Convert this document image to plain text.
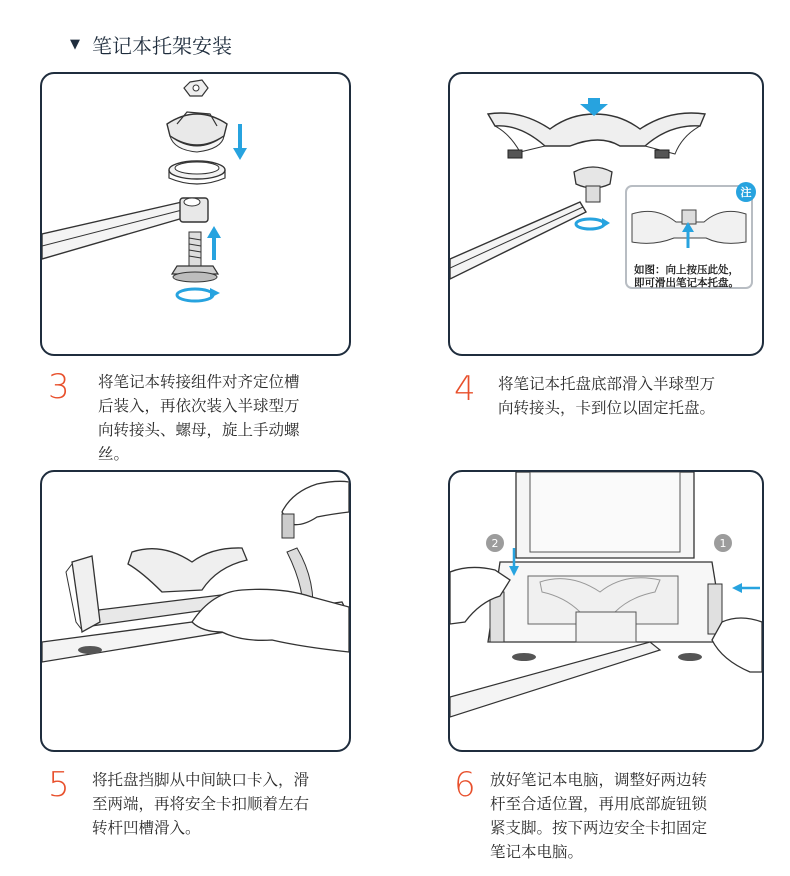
▼ 笔记本托架安装
注
如图：向上按压此处，
即可滑出笔记本托盘。
3	将笔记本转接组件对齐定位槽
后装入，再依次装入半球型万
向转接头、螺母，旋上手动螺
丝。
4	将笔记本托盘底部滑入半球型万
向转接头，卡到位以固定托盘。
2	1
5	将托盘挡脚从中间缺口卡入，滑
至两端，再将安全卡扣顺着左右
转杆凹槽滑入。
6 放好笔记本电脑，调整好两边转
杆至合适位置，再用底部旋钮锁
紧支脚。按下两边安全卡扣固定
笔记本电脑。
